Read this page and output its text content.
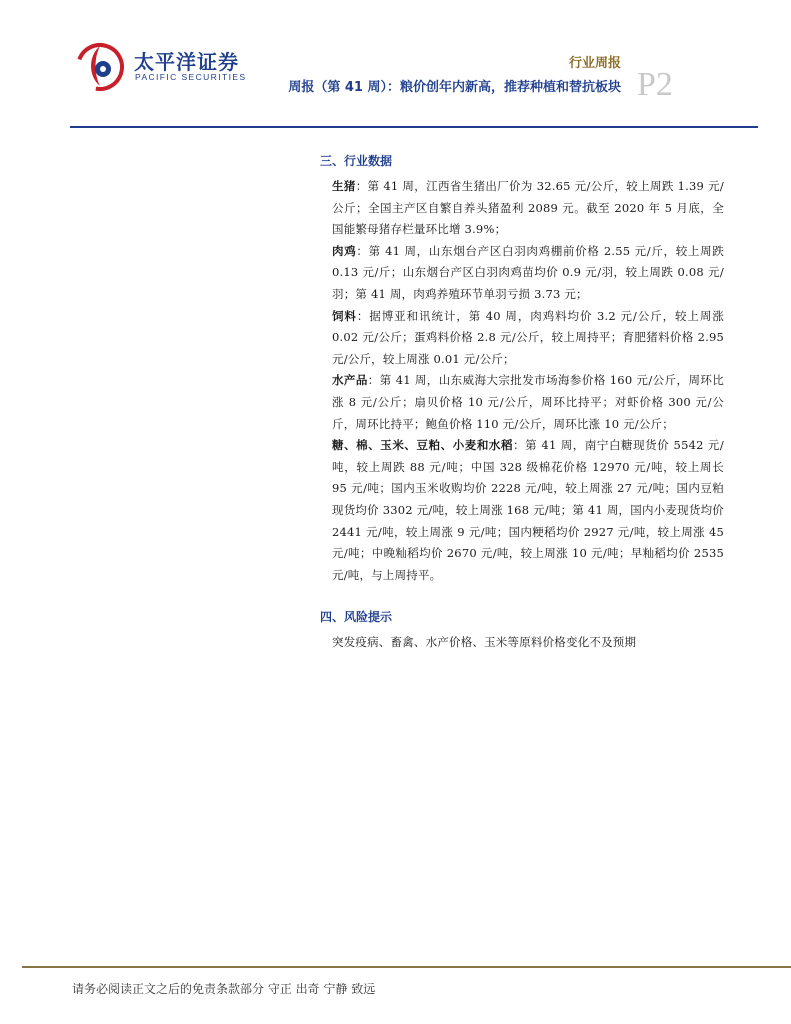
太平洋证券
PACIFIC SECURITIES
行业周报
周报（第 41 周）：粮价创年内新高，推荐种植和替抗板块 P2
三、行业数据

生猪：第 41 周，江西省生猪出厂价为 32.65 元/公斤，较上周跌 1.39 元/公斤；全国主产区自繁自养头猪盈利 2089 元。截至 2020 年 5 月底，全国能繁母猪存栏量环比增 3.9%；

肉鸡：第 41 周，山东烟台产区白羽肉鸡棚前价格 2.55 元/斤，较上周跌 0.13 元/斤；山东烟台产区白羽肉鸡苗均价 0.9 元/羽，较上周跌 0.08 元/羽；第 41 周，肉鸡养殖环节单羽亏损 3.73 元；

饲料：据博亚和讯统计，第 40 周，肉鸡料均价 3.2 元/公斤，较上周涨 0.02 元/公斤；蛋鸡料价格 2.8 元/公斤，较上周持平；育肥猪料价格 2.95 元/公斤，较上周涨 0.01 元/公斤；

水产品：第 41 周，山东威海大宗批发市场海参价格 160 元/公斤，周环比涨 8 元/公斤；扇贝价格 10 元/公斤，周环比持平；对虾价格 300 元/公斤，周环比持平；鲍鱼价格 110 元/公斤，周环比涨 10 元/公斤；

糖、棉、玉米、豆粕、小麦和水稻：第 41 周，南宁白糖现货价 5542 元/吨，较上周跌 88 元/吨；中国 328 级棉花价格 12970 元/吨，较上周长 95 元/吨；国内玉米收购均价 2228 元/吨，较上周涨 27 元/吨；国内豆粕现货均价 3302 元/吨，较上周涨 168 元/吨；第 41 周，国内小麦现货均价 2441 元/吨，较上周涨 9 元/吨；国内粳稻均价 2927 元/吨，较上周涨 45 元/吨；中晚籼稻均价 2670 元/吨，较上周涨 10 元/吨；早籼稻均价 2535 元/吨，与上周持平。

四、风险提示

突发疫病、畜禽、水产价格、玉米等原料价格变化不及预期

请务必阅读正文之后的免责条款部分 守正 出奇 宁静 致远
